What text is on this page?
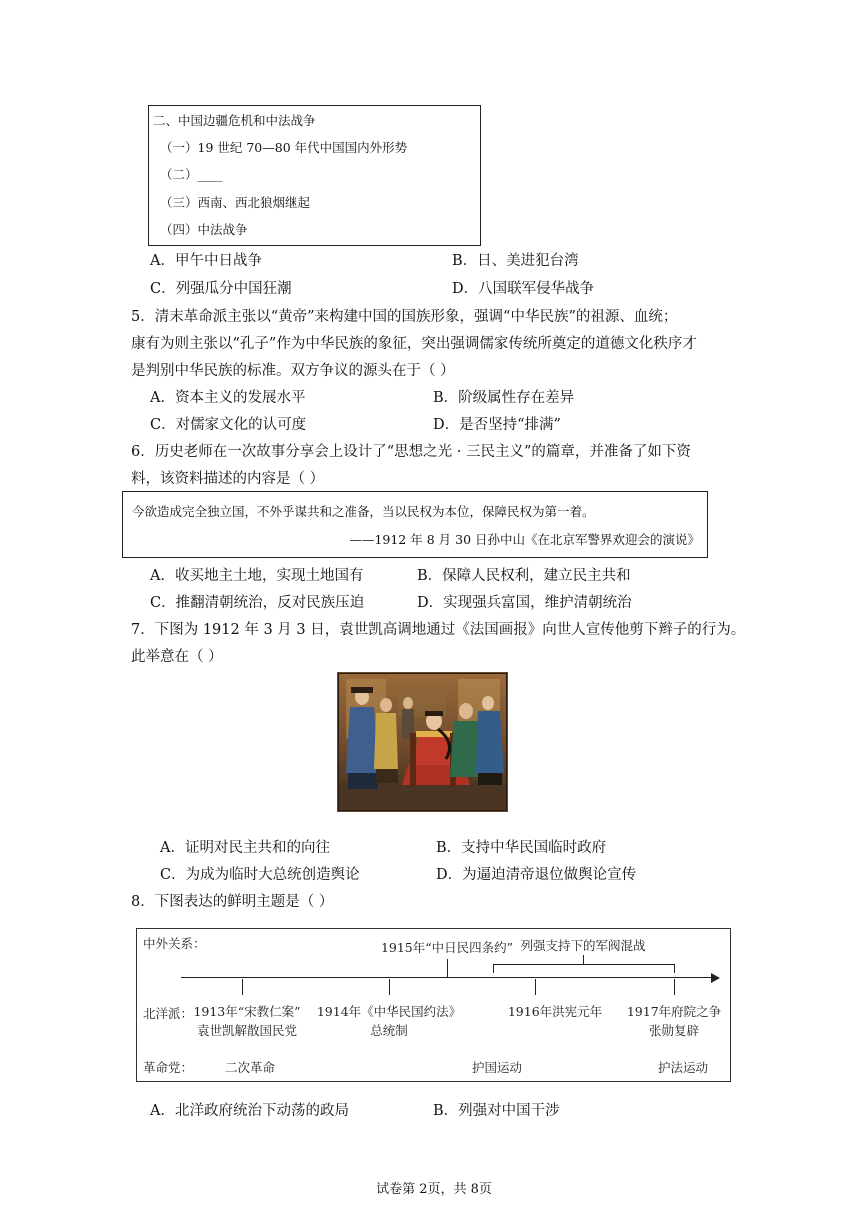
二、中国边疆危机和中法战争
（一）19 世纪 70—80 年代中国国内外形势
（二）____
（三）西南、西北狼烟继起
（四）中法战争
A．甲午中日战争	B．日、美进犯台湾
C．列强瓜分中国狂潮	D．八国联军侵华战争
5．清末革命派主张以“黄帝”来构建中国的国族形象，强调“中华民族”的祖源、血统；
康有为则主张以“孔子”作为中华民族的象征，突出强调儒家传统所奠定的道德文化秩序才
是判别中华民族的标准。双方争议的源头在于（ ）
A．资本主义的发展水平	B．阶级属性存在差异
C．对儒家文化的认可度	D．是否坚持“排满”
6．历史老师在一次故事分享会上设计了“思想之光 · 三民主义”的篇章，并准备了如下资
料，该资料描述的内容是（ ）
今欲造成完全独立国，不外乎谋共和之准备，当以民权为本位，保障民权为第一着。
——1912 年 8 月 30 日孙中山《在北京军警界欢迎会的演说》
A．收买地主土地，实现土地国有	B．保障人民权利，建立民主共和
C．推翻清朝统治，反对民族压迫	D．实现强兵富国，维护清朝统治
7．下图为 1912 年 3 月 3 日，袁世凯高调地通过《法国画报》向世人宣传他剪下辫子的行为。
此举意在（ ）
A．证明对民主共和的向往	B．支持中华民国临时政府
C．为成为临时大总统创造舆论	D．为逼迫清帝退位做舆论宣传
8．下图表达的鲜明主题是（ ）
中外关系：
北洋派：
革命党：
1915年“中日民四条约” 列强支持下的军阀混战
1913年“宋教仁案”
袁世凯解散国民党
1914年《中华民国约法》
总统制
1916年洪宪元年 1917年府院之争
张勋复辟
二次革命	护国运动	护法运动
A．北洋政府统治下动荡的政局	B．列强对中国干涉
试卷第 2页，共 8页
